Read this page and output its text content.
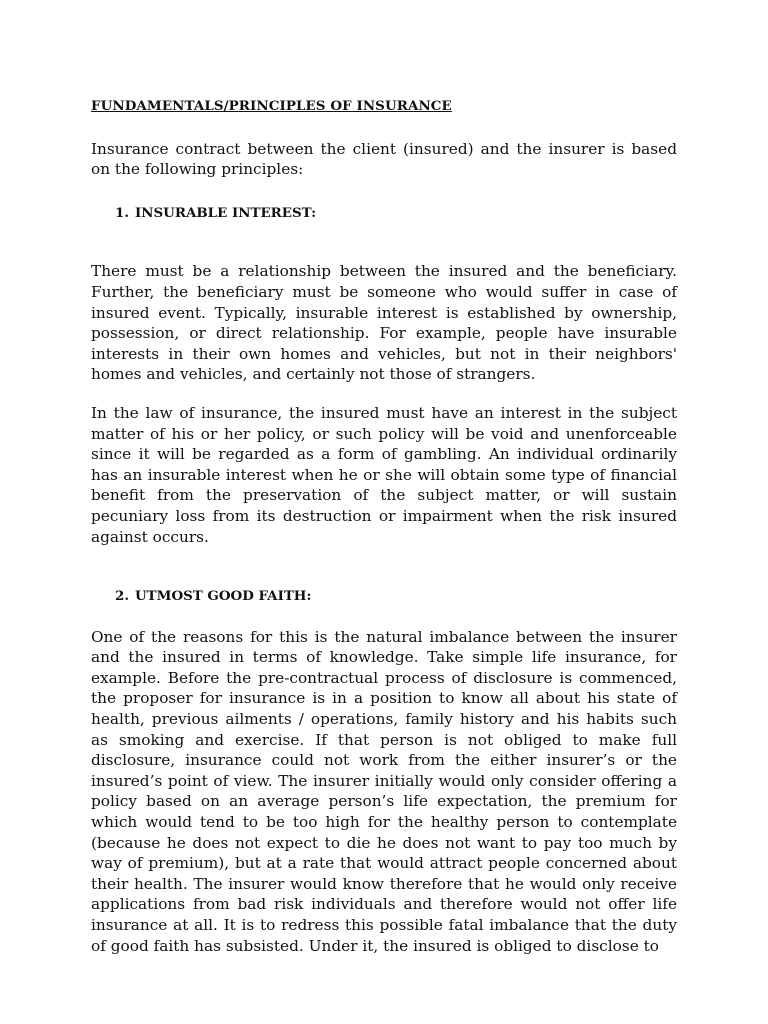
FUNDAMENTALS/PRINCIPLES OF INSURANCE

Insurance contract between the client (insured) and the insurer is based on the following principles:

1. INSURABLE INTEREST:

There must be a relationship between the insured and the beneficiary. Further, the beneficiary must be someone who would suffer in case of insured event. Typically, insurable interest is established by ownership, possession, or direct relationship. For example, people have insurable interests in their own homes and vehicles, but not in their neighbors' homes and vehicles, and certainly not those of strangers.

In the law of insurance, the insured must have an interest in the subject matter of his or her policy, or such policy will be void and unenforceable since it will be regarded as a form of gambling. An individual ordinarily has an insurable interest when he or she will obtain some type of financial benefit from the preservation of the subject matter, or will sustain pecuniary loss from its destruction or impairment when the risk insured against occurs.

2. UTMOST GOOD FAITH:

One of the reasons for this is the natural imbalance between the insurer and the insured in terms of knowledge. Take simple life insurance, for example. Before the pre-contractual process of disclosure is commenced, the proposer for insurance is in a position to know all about his state of health, previous ailments / operations, family history and his habits such as smoking and exercise. If that person is not obliged to make full disclosure, insurance could not work from the either insurer’s or the insured’s point of view. The insurer initially would only consider offering a policy based on an average person’s life expectation, the premium for which would tend to be too high for the healthy person to contemplate (because he does not expect to die he does not want to pay too much by way of premium), but at a rate that would attract people concerned about their health. The insurer would know therefore that he would only receive applications from bad risk individuals and therefore would not offer life insurance at all. It is to redress this possible fatal imbalance that the duty of good faith has subsisted. Under it, the insured is obliged to disclose to
